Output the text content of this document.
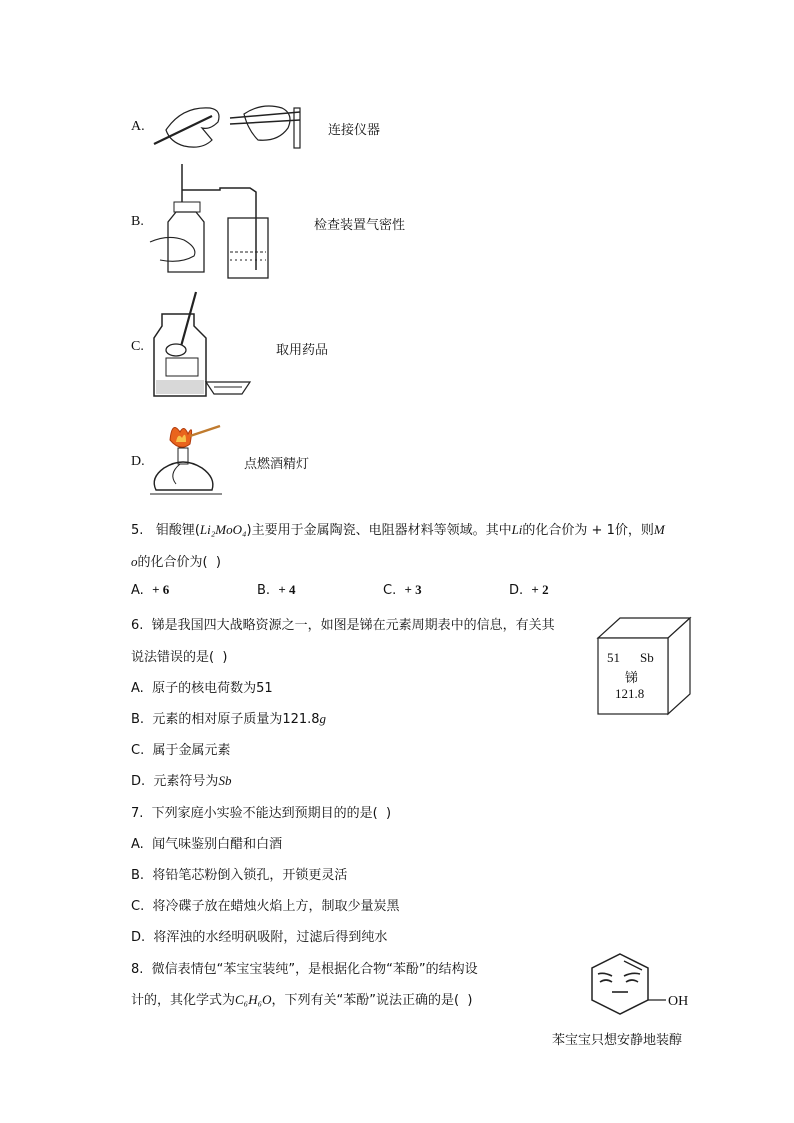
A.	连接仪器
B.	检查装置气密性
C.	取用药品
D.	点燃酒精灯
5. 钼酸锂(Li₂MoO₄)主要用于金属陶瓷、电阻器材料等领域。其中Li的化合价为 + 1价，则M
o的化合价为(  )
A. + 6	B. + 4	C. + 3	D. + 2
6. 锑是我国四大战略资源之一，如图是锑在元素周期表中的信息，有关其
说法错误的是(  )
A. 原子的核电荷数为51
B. 元素的相对原子质量为121.8g
C. 属于金属元素
D. 元素符号为Sb
51 Sb
锑
121.8
7. 下列家庭小实验不能达到预期目的的是(  )
A. 闻气味鉴别白醋和白酒
B. 将铅笔芯粉倒入锁孔，开锁更灵活
C. 将冷碟子放在蜡烛火焰上方，制取少量炭黑
D. 将浑浊的水经明矾吸附，过滤后得到纯水
8. 微信表情包“苯宝宝装纯”，是根据化合物“苯酚”的结构设
计的，其化学式为C₆H₆O，下列有关“苯酚”说法正确的是(  )	OH
苯宝宝只想安静地装醇
